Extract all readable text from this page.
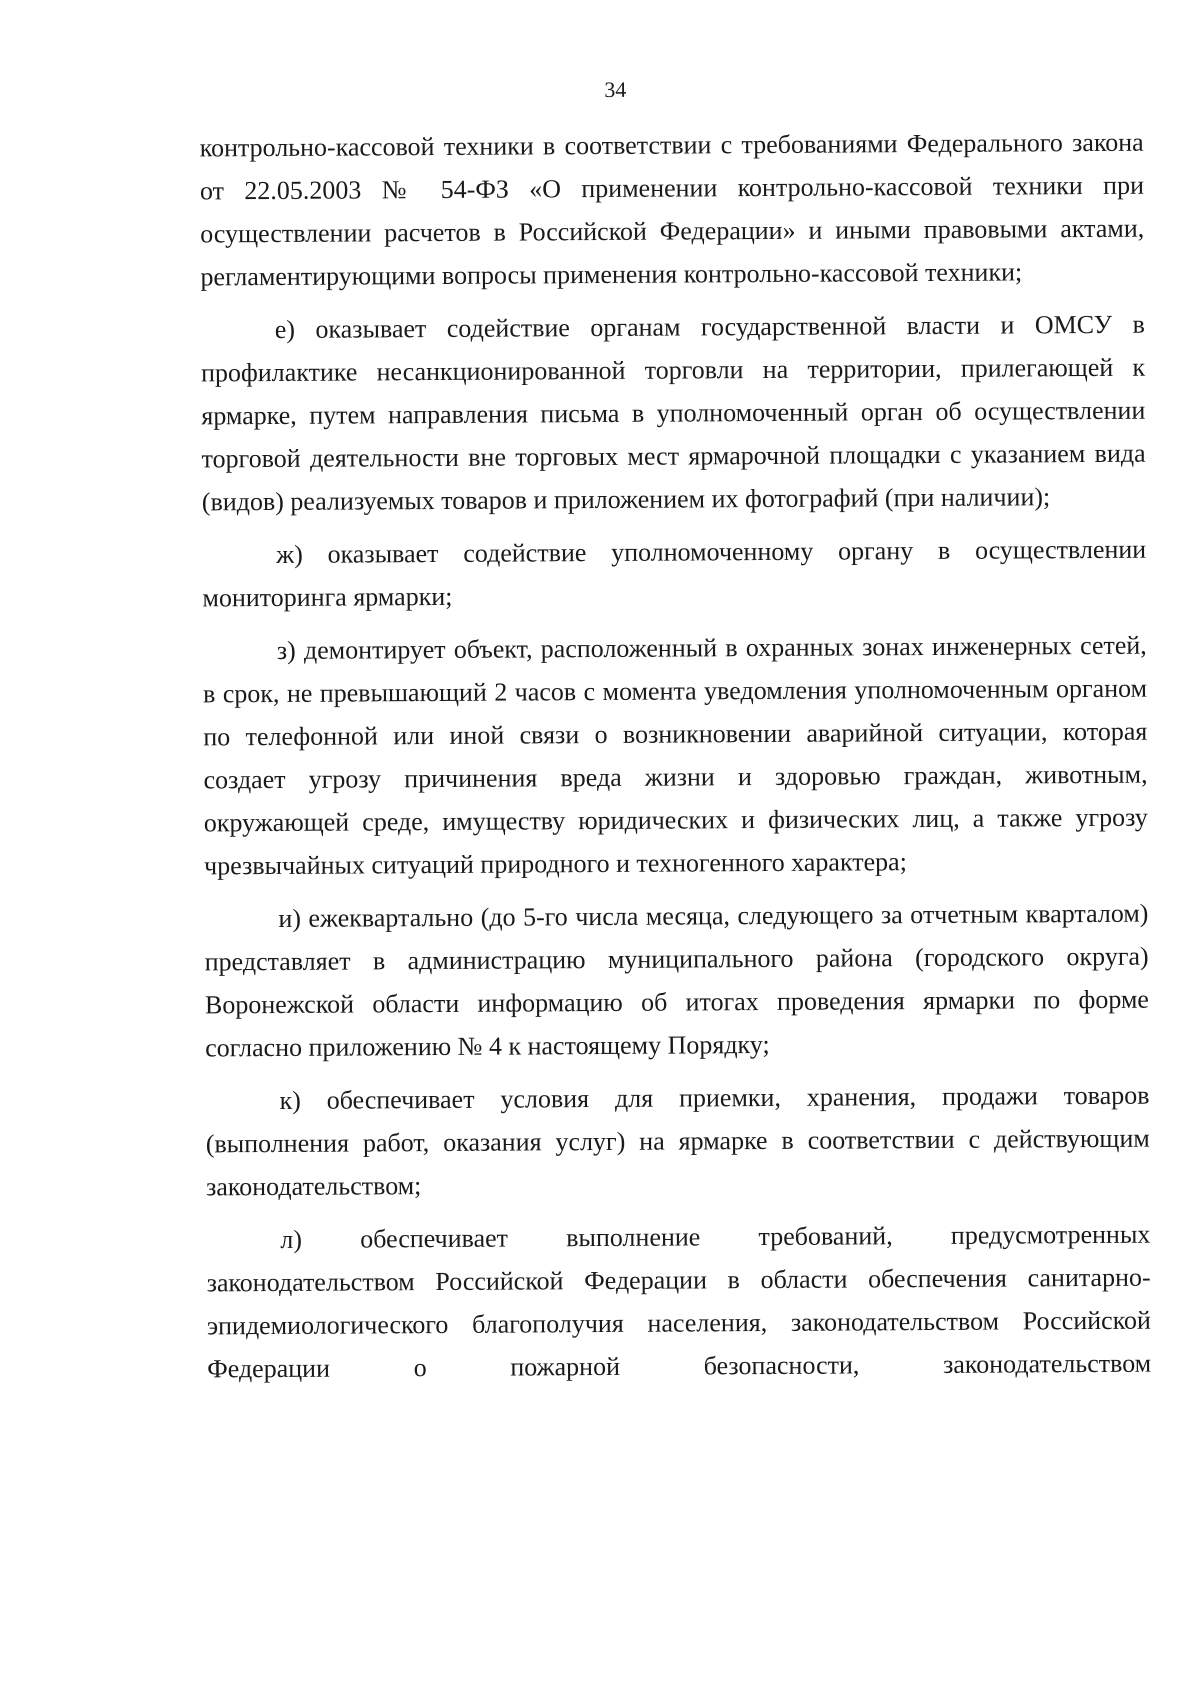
34

контрольно-кассовой техники в соответствии с требованиями Федерального закона от 22.05.2003 № 54-ФЗ «О применении контрольно-кассовой техники при осуществлении расчетов в Российской Федерации» и иными правовыми актами, регламентирующими вопросы применения контрольно-кассовой техники;

е) оказывает содействие органам государственной власти и ОМСУ в профилактике несанкционированной торговли на территории, прилегающей к ярмарке, путем направления письма в уполномоченный орган об осуществлении торговой деятельности вне торговых мест ярмарочной площадки с указанием вида (видов) реализуемых товаров и приложением их фотографий (при наличии);

ж) оказывает содействие уполномоченному органу в осуществлении мониторинга ярмарки;

з) демонтирует объект, расположенный в охранных зонах инженерных сетей, в срок, не превышающий 2 часов с момента уведомления уполномоченным органом по телефонной или иной связи о возникновении аварийной ситуации, которая создает угрозу причинения вреда жизни и здоровью граждан, животным, окружающей среде, имуществу юридических и физических лиц, а также угрозу чрезвычайных ситуаций природного и техногенного характера;

и) ежеквартально (до 5-го числа месяца, следующего за отчетным кварталом) представляет в администрацию муниципального района (городского округа) Воронежской области информацию об итогах проведения ярмарки по форме согласно приложению № 4 к настоящему Порядку;

к) обеспечивает условия для приемки, хранения, продажи товаров (выполнения работ, оказания услуг) на ярмарке в соответствии с действующим законодательством;

л) обеспечивает выполнение требований, предусмотренных законодательством Российской Федерации в области обеспечения санитарно-эпидемиологического благополучия населения, законодательством Российской Федерации о пожарной безопасности, законодательством
